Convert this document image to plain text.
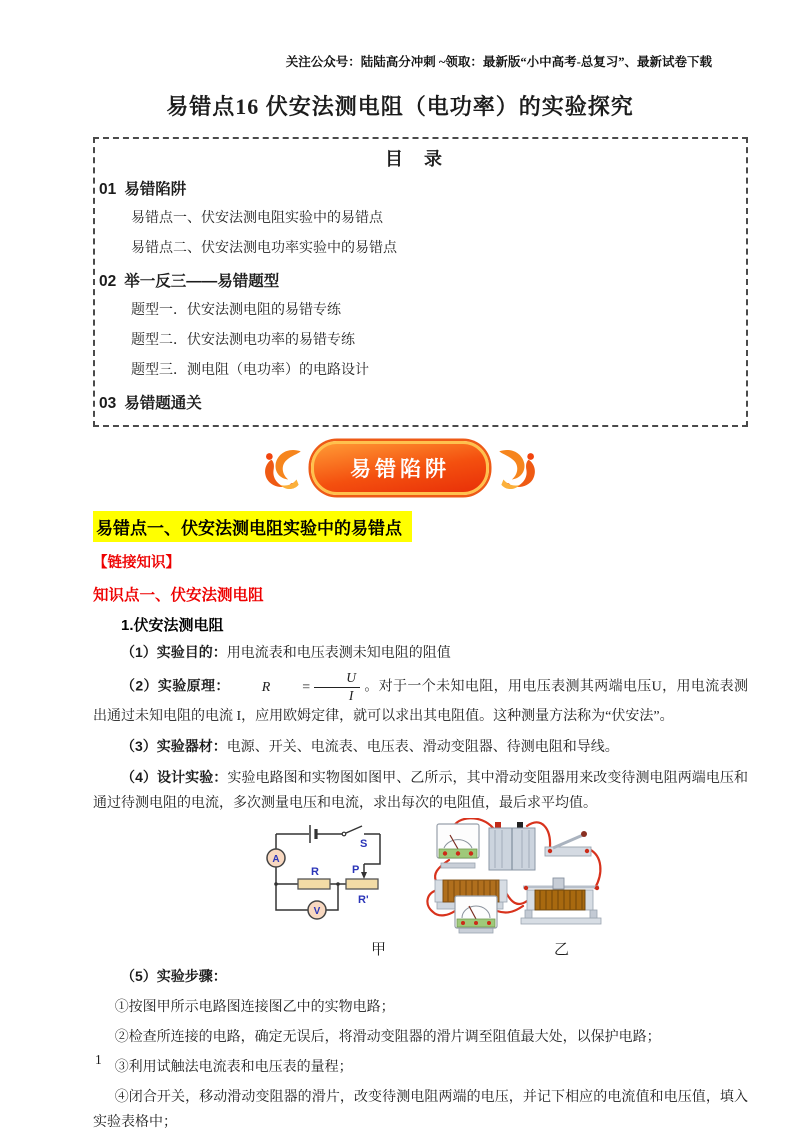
关注公众号：陆陆高分冲刺 ~领取：最新版“小中高考-总复习”、最新试卷下载
易错点16 伏安法测电阻（电功率）的实验探究
目 录
01 易错陷阱
易错点一、伏安法测电阻实验中的易错点
易错点二、伏安法测电功率实验中的易错点
02 举一反三——易错题型
题型一．伏安法测电阻的易错专练
题型二．伏安法测电功率的易错专练
题型三．测电阻（电功率）的电路设计
03 易错题通关
易错陷阱
易错点一、伏安法测电阻实验中的易错点
【链接知识】
知识点一、伏安法测电阻
1.伏安法测电阻

（1）实验目的：用电流表和电压表测未知电阻的阻值

（2）实验原理：	R	= $\frac{U}{I}$ 。对于一个未知电阻，用电压表测其两端电压U，用电流表测出通过未知电阻的电流 I，应用欧姆定律，就可以求出其电阻值。这种测量方法称为“伏安法”。

（3）实验器材：电源、开关、电流表、电压表、滑动变阻器、待测电阻和导线。

（4）设计实验：实验电路图和实物图如图甲、乙所示，其中滑动变阻器用来改变待测电阻两端电压和通过待测电阻的电流，多次测量电压和电流，求出每次的电阻值，最后求平均值。

S
P
A
V
R
R'
甲	乙

（5）实验步骤：

①按图甲所示电路图连接图乙中的实物电路；

②检查所连接的电路，确定无误后，将滑动变阻器的滑片调至阻值最大处，以保护电路；

③利用试触法电流表和电压表的量程；

④闭合开关，移动滑动变阻器的滑片，改变待测电阻两端的电压，并记下相应的电流值和电压值，填入实验表格中；

1
